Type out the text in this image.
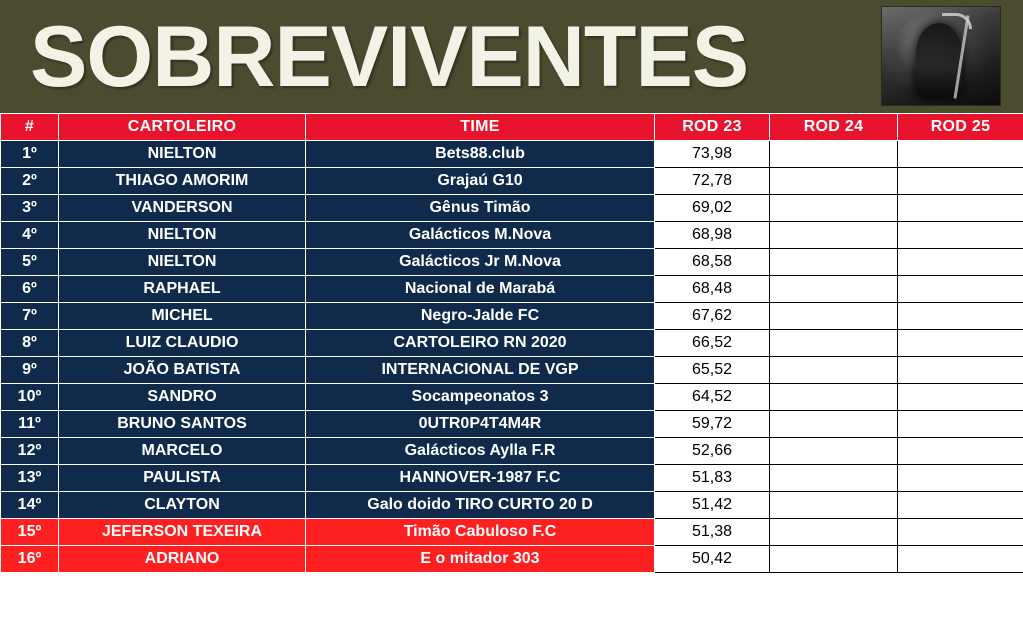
SOBREVIVENTES
#	CARTOLEIRO	TIME	ROD 23	ROD 24	ROD 25
1º	NIELTON	Bets88.club	73,98		
2º	THIAGO AMORIM	Grajaú G10	72,78		
3º	VANDERSON	Gênus Timão	69,02		
4º	NIELTON	Galácticos M.Nova	68,98		
5º	NIELTON	Galácticos Jr M.Nova	68,58		
6º	RAPHAEL	Nacional de Marabá	68,48		
7º	MICHEL	Negro-Jalde FC	67,62		
8º	LUIZ CLAUDIO	CARTOLEIRO RN 2020	66,52		
9º	JOÃO BATISTA	INTERNACIONAL DE VGP	65,52		
10º	SANDRO	Socampeonatos 3	64,52		
11º	BRUNO SANTOS	0UTR0P4T4M4R	59,72		
12º	MARCELO	Galácticos Aylla F.R	52,66		
13º	PAULISTA	HANNOVER-1987 F.C	51,83		
14º	CLAYTON	Galo doido TIRO CURTO 20 D	51,42		
15º	JEFERSON TEXEIRA	Timão Cabuloso F.C	51,38		
16º	ADRIANO	E o mitador 303	50,42		
